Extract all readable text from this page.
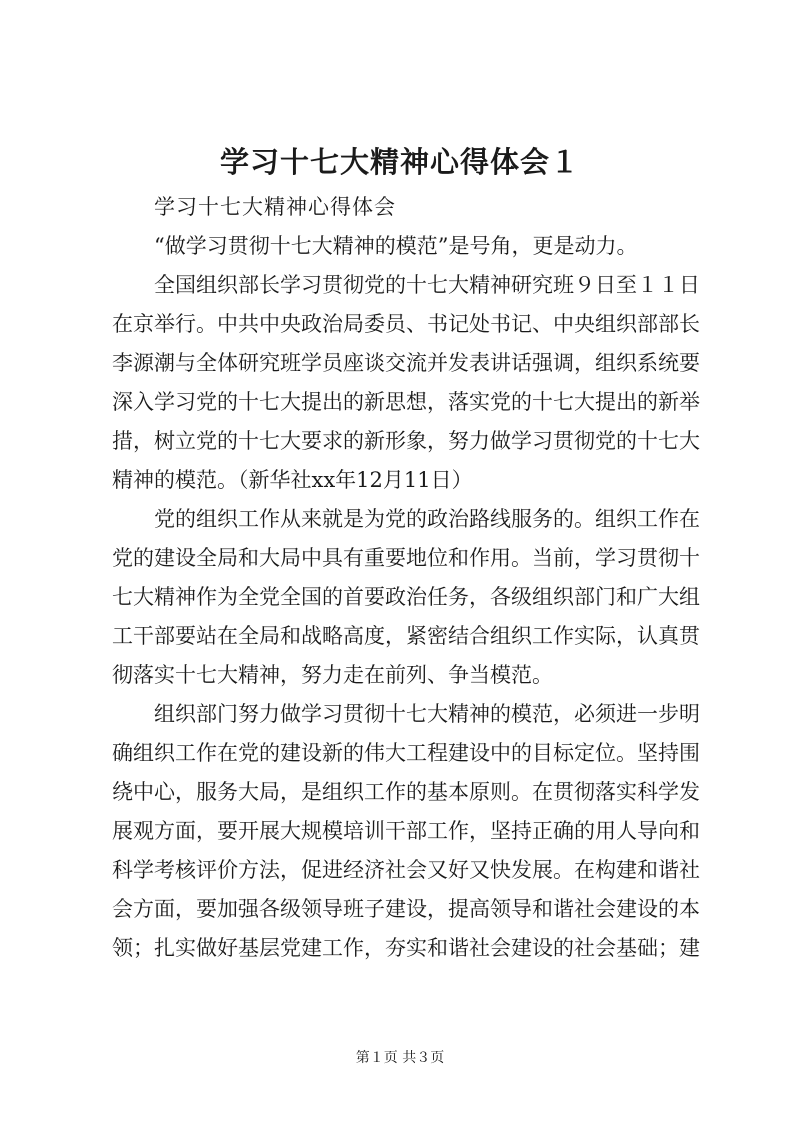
学习十七大精神心得体会１

学习十七大精神心得体会

“做学习贯彻十七大精神的模范”是号角，更是动力。

全国组织部长学习贯彻党的十七大精神研究班９日至１１日在京举行。中共中央政治局委员、书记处书记、中央组织部部长李源潮与全体研究班学员座谈交流并发表讲话强调，组织系统要深入学习党的十七大提出的新思想，落实党的十七大提出的新举措，树立党的十七大要求的新形象，努力做学习贯彻党的十七大精神的模范。（新华社xx年12月11日）

党的组织工作从来就是为党的政治路线服务的。组织工作在党的建设全局和大局中具有重要地位和作用。当前，学习贯彻十七大精神作为全党全国的首要政治任务，各级组织部门和广大组工干部要站在全局和战略高度，紧密结合组织工作实际，认真贯彻落实十七大精神，努力走在前列、争当模范。

组织部门努力做学习贯彻十七大精神的模范，必须进一步明确组织工作在党的建设新的伟大工程建设中的目标定位。坚持围绕中心，服务大局，是组织工作的基本原则。在贯彻落实科学发展观方面，要开展大规模培训干部工作，坚持正确的用人导向和科学考核评价方法，促进经济社会又好又快发展。在构建和谐社会方面，要加强各级领导班子建设，提高领导和谐社会建设的本领；扎实做好基层党建工作，夯实和谐社会建设的社会基础；建

第１页 共３页
